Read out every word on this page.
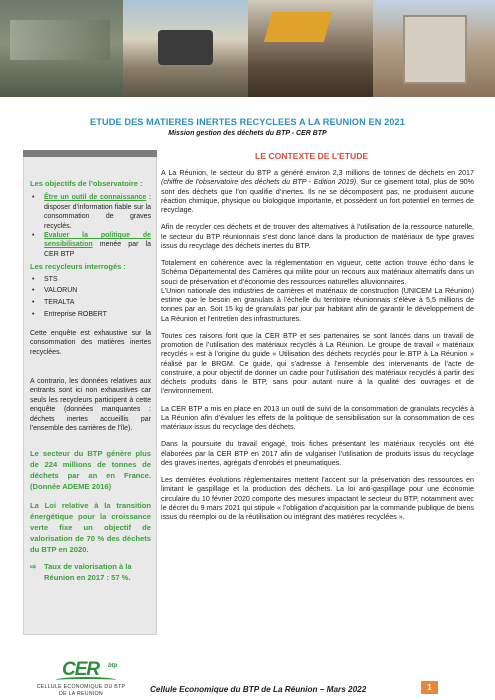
ETUDE DES MATIERES INERTES RECYCLEES A LA REUNION EN 2021
Mission gestion des déchets du BTP - CER BTP
Les objectifs de l’observatoire :
• Être un outil de connaissance : disposer d’information fiable sur la consommation de graves recyclés.
• Evaluer la politique de sensibilisation menée par la CER BTP
Les recycleurs interrogés :
• STS
• VALORUN
• TERALTA
• Entreprise ROBERT
Cette enquête est exhaustive sur la consommation des matières inertes recyclées.
A contrario, les données relatives aux entrants sont ici non exhaustives car seuls les recycleurs participent à cette enquête (données manquantes : déchets inertes accueillis par l’ensemble des carrières de l’île).
Le secteur du BTP génère plus de 224 millions de tonnes de déchets par an en France. (Donnée ADEME 2016)
La Loi relative à la transition énergétique pour la croissance verte fixe un objectif de valorisation de 70 % des déchets du BTP en 2020.
⇨ Taux de valorisation à la Réunion en 2017 : 57 %.
LE CONTEXTE DE L’ETUDE

A La Réunion, le secteur du BTP a généré environ 2,3 millions de tonnes de déchets en 2017 (chiffre de l’observatoire des déchets du BTP - Edition 2019). Sur ce gisement total, plus de 90% sont des déchets que l’on qualifie d’inertes. Ils ne se décomposent pas, ne produisent aucune réaction chimique, physique ou biologique importante, et possèdent un fort potentiel en termes de recyclage.

Afin de recycler ces déchets et de trouver des alternatives à l’utilisation de la ressource naturelle, le secteur du BTP réunionnais s’est donc lancé dans la production de matériaux de type graves issus du recyclage des déchets inertes du BTP.

Totalement en cohérence avec la réglementation en vigueur, cette action trouve écho dans le Schéma Départemental des Carrières qui milite pour un recours aux matériaux alternatifs dans un souci de préservation et d’économie des ressources naturelles alluvionnaires.

L’Union nationale des industries de carrières et matériaux de construction (UNICEM La Réunion) estime que le besoin en granulats à l’échelle du territoire réunionnais s’élève à 5,5 millions de tonnes par an. Soit 15 kg de granulats par jour par habitant afin de garantir le développement de La Réunion et l’entretien des infrastructures.

Toutes ces raisons font que la CER BTP et ses partenaires se sont lancés dans un travail de promotion de l’utilisation des matériaux recyclés à La Réunion. Le groupe de travail « matériaux recyclés » est à l’origine du guide « Utilisation des déchets recyclés pour le BTP à La Réunion » réalisé par le BRGM. Ce guide, qui s’adresse à l’ensemble des intervenants de l’acte de construire, a pour objectif de donner un cadre pour l’utilisation des matériaux recyclés à partir des déchets produits dans le BTP, sans pour autant nuire à la qualité des ouvrages et de l’environnement.

La CER BTP a mis en place en 2013 un outil de suivi de la consommation de granulats recyclés à La Réunion afin d’évaluer les effets de la politique de sensibilisation sur la consommation de ces matériaux issus du recyclage des déchets.

Dans la poursuite du travail engagé, trois fiches présentant les matériaux recyclés ont été élaborées par la CER BTP en 2017 afin de vulgariser l’utilisation de produits issus du recyclage des graves inertes, agrégats d’enrobés et pneumatiques.

Les dernières évolutions réglementaires mettent l’accent sur la préservation des ressources en limitant le gaspillage et la production des déchets. La loi anti-gaspillage pour une économie circulaire du 10 février 2020 comporte des mesures impactant le secteur du BTP, notamment avec le décret du 9 mars 2021 qui stipule « l’obligation d’acquisition par la commande publique de biens issus du réemploi ou de la réutilisation ou intégrant des matières recyclées ».

CER btp
CELLULE ECONOMIQUE DU BTP
DE LA REUNION	Cellule Economique du BTP de La Réunion – Mars 2022	1
